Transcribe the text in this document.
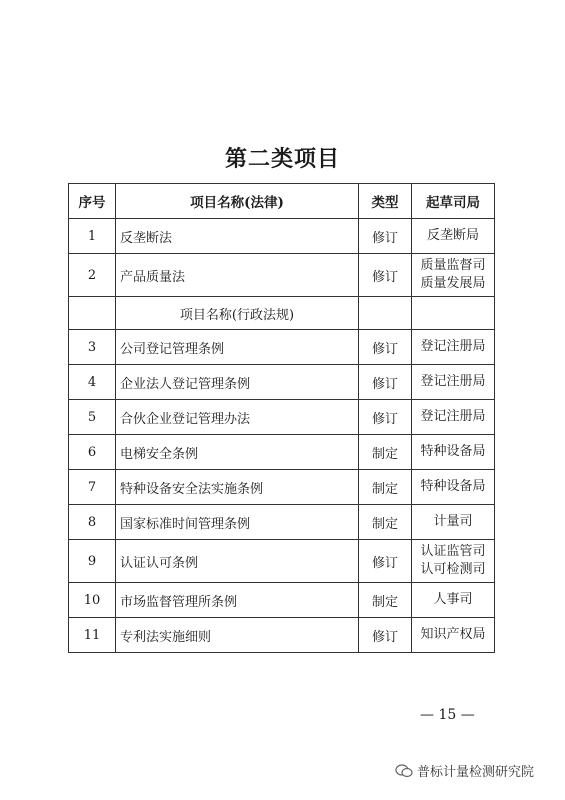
第二类项目
序号	项目名称(法律)	类型	起草司局
1	反垄断法	修订	反垄断局

2	产品质量法	修订	质量监督司
质量发展局

	项目名称(行政法规)		
3	公司登记管理条例	修订	登记注册局

4	企业法人登记管理条例	修订	登记注册局

5	合伙企业登记管理办法	修订	登记注册局

6	电梯安全条例	制定	特种设备局

7	特种设备安全法实施条例	制定	特种设备局

8	国家标准时间管理条例	制定	计量司

9	认证认可条例	修订	认证监管司
认可检测司

10	市场监督管理所条例	制定	人事司

11	专利法实施细则	修订	知识产权局
— 15 —
普标计量检测研究院
